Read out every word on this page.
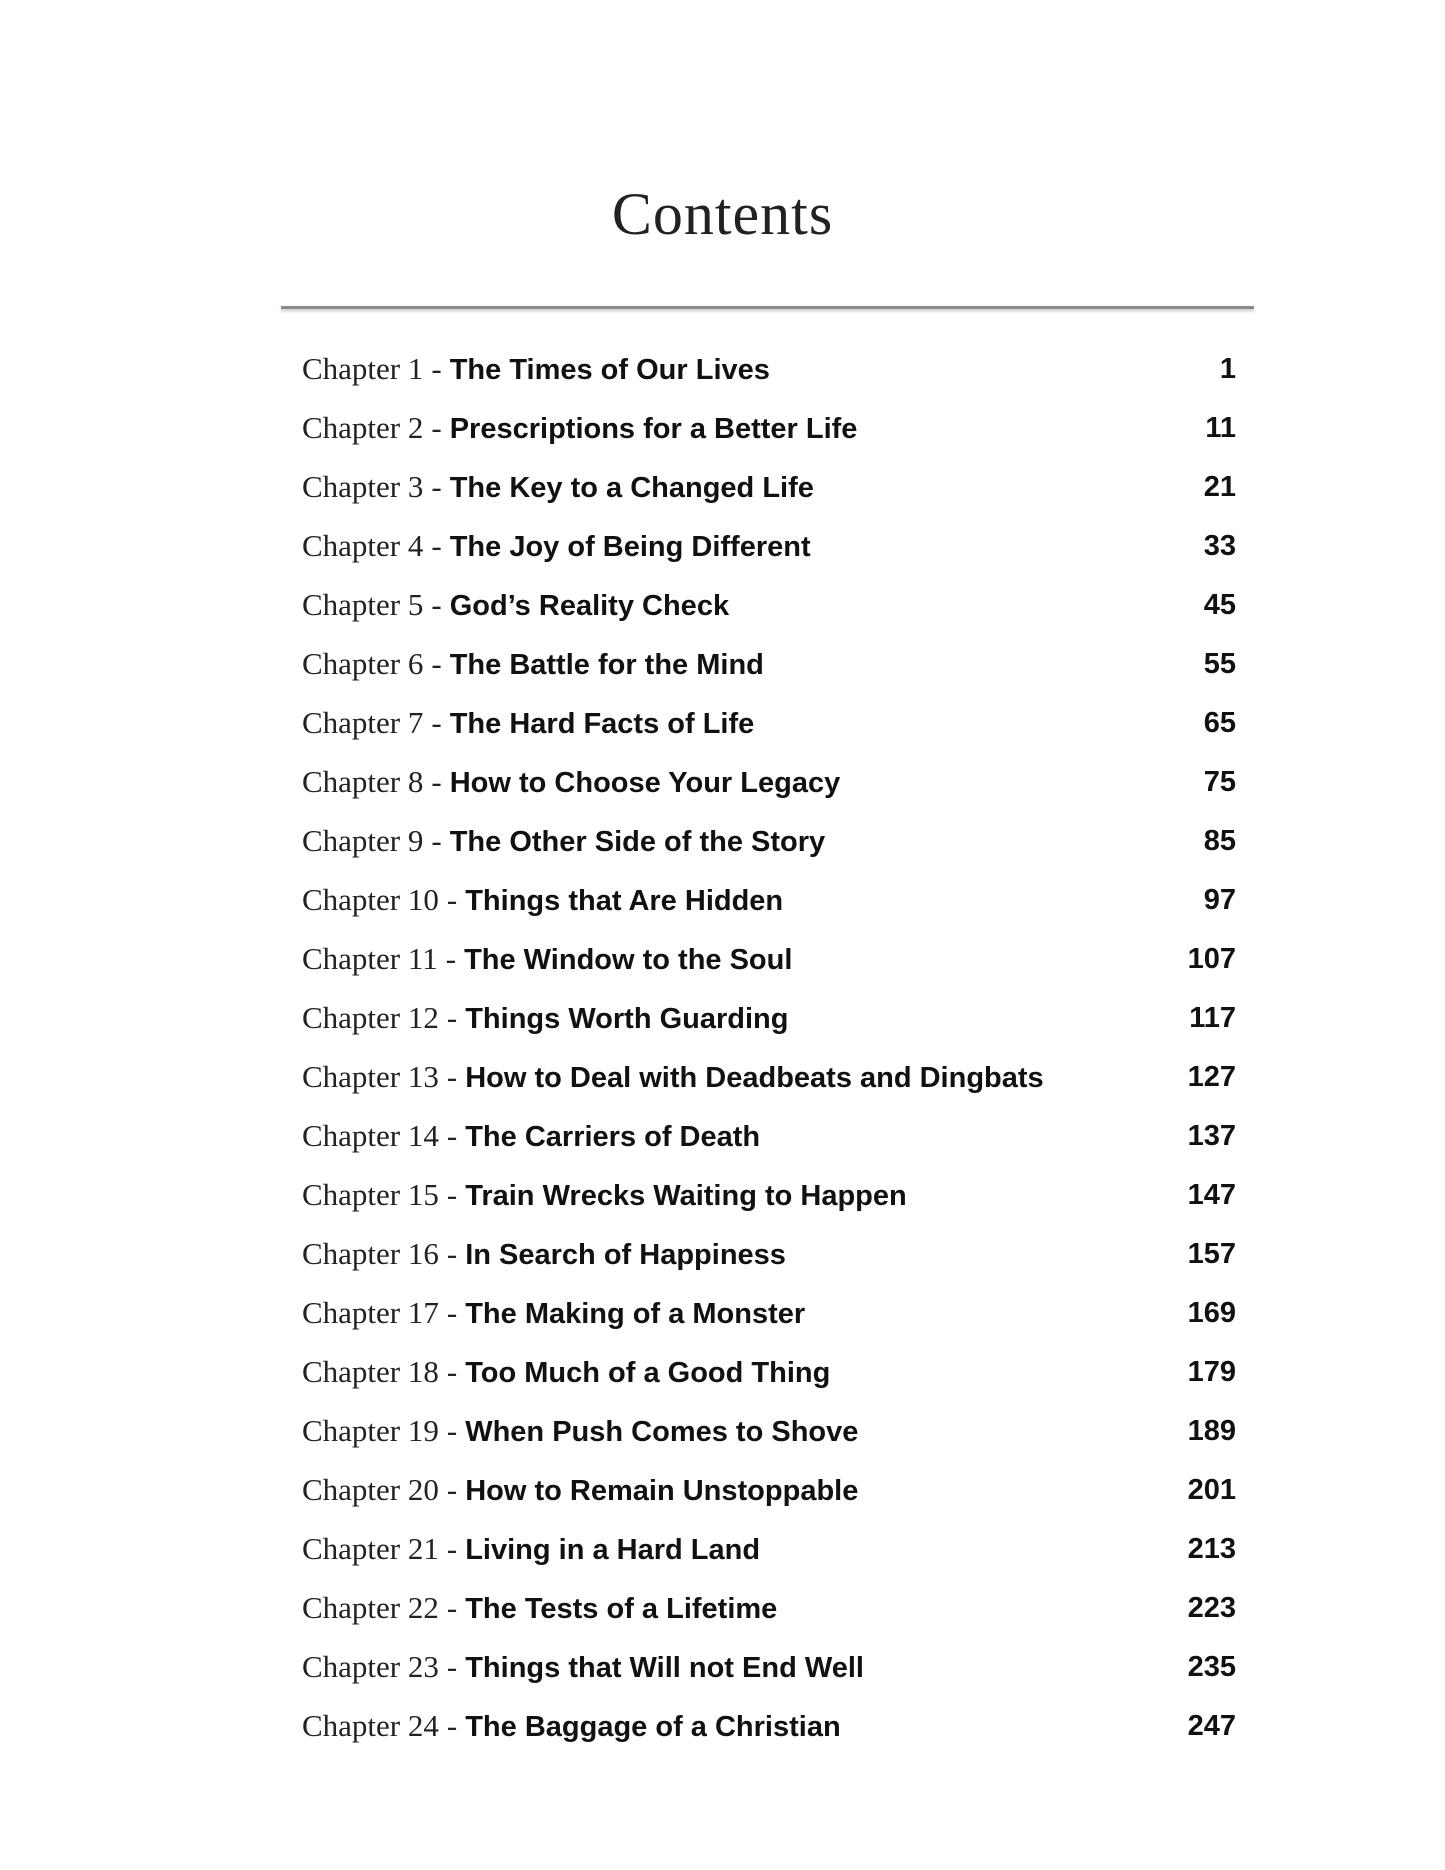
Contents
Chapter 1 - The Times of Our Lives	1
Chapter 2 - Prescriptions for a Better Life	11
Chapter 3 - The Key to a Changed Life	21
Chapter 4 - The Joy of Being Different	33
Chapter 5 - God’s Reality Check	45
Chapter 6 - The Battle for the Mind	55
Chapter 7 - The Hard Facts of Life	65
Chapter 8 - How to Choose Your Legacy	75
Chapter 9 - The Other Side of the Story	85
Chapter 10 - Things that Are Hidden	97
Chapter 11 - The Window to the Soul	107
Chapter 12 - Things Worth Guarding	117
Chapter 13 - How to Deal with Deadbeats and Dingbats	127
Chapter 14 - The Carriers of Death	137
Chapter 15 - Train Wrecks Waiting to Happen	147
Chapter 16 - In Search of Happiness	157
Chapter 17 - The Making of a Monster	169
Chapter 18 - Too Much of a Good Thing	179
Chapter 19 - When Push Comes to Shove	189
Chapter 20 - How to Remain Unstoppable	201
Chapter 21 - Living in a Hard Land	213
Chapter 22 - The Tests of a Lifetime	223
Chapter 23 - Things that Will not End Well	235
Chapter 24 - The Baggage of a Christian	247
